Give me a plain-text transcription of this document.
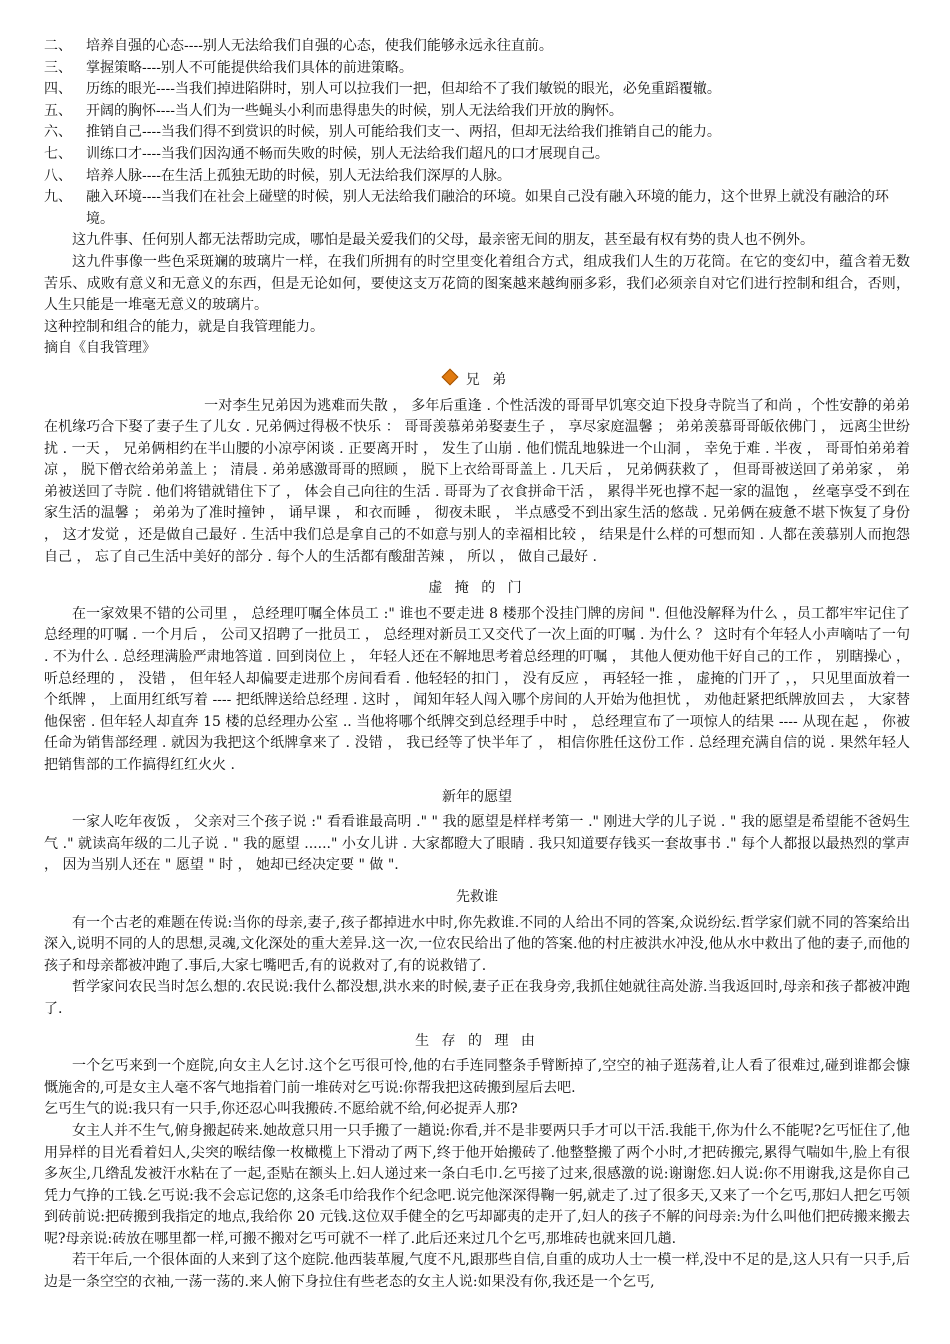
二、	培养自强的心态----别人无法给我们自强的心态，使我们能够永远永往直前。
三、	掌握策略----别人不可能提供给我们具体的前进策略。
四、	历练的眼光----当我们掉进陷阱时，别人可以拉我们一把，但却给不了我们敏锐的眼光，必免重蹈覆辙。
五、	开阔的胸怀----当人们为一些蝇头小利而患得患失的时候，别人无法给我们开放的胸怀。
六、	推销自己----当我们得不到赏识的时候，别人可能给我们支一、两招，但却无法给我们推销自己的能力。
七、	训练口才----当我们因沟通不畅而失败的时候，别人无法给我们超凡的口才展现自己。
八、	培养人脉----在生活上孤独无助的时候，别人无法给我们深厚的人脉。
九、	融入环境----当我们在社会上碰壁的时候，别人无法给我们融洽的环境。如果自己没有融入环境的能力，这个世界上就没有融洽的环境。

这九件事、任何别人都无法帮助完成，哪怕是最关爱我们的父母，最亲密无间的朋友，甚至最有权有势的贵人也不例外。

这九件事像一些色采斑斓的玻璃片一样，在我们所拥有的时空里变化着组合方式，组成我们人生的万花筒。在它的变幻中，蕴含着无数苦乐、成败有意义和无意义的东西，但是无论如何，要使这支万花筒的图案越来越绚丽多彩，我们必须亲自对它们进行控制和组合，否则，人生只能是一堆毫无意义的玻璃片。

这种控制和组合的能力，就是自我管理能力。

摘自《自我管理》

兄 弟

一对李生兄弟因为逃难而失散 ， 多年后重逢 . 个性活泼的哥哥早饥寒交迫下投身寺院当了和尚 ，个性安静的弟弟在机缘巧合下娶了妻子生了儿女 . 兄弟俩过得极不快乐 ： 哥哥羡慕弟弟娶妻生子 ， 享尽家庭温馨 ； 弟弟羡慕哥哥皈依佛门 ， 远离尘世纷扰 . 一天 ， 兄弟俩相约在半山腰的小凉亭闲谈 . 正要离开时 ， 发生了山崩 . 他们慌乱地躲进一个山洞 ， 幸免于难 . 半夜 ， 哥哥怕弟弟着凉 ， 脱下僧衣给弟弟盖上 ； 清晨 . 弟弟感激哥哥的照顾 ， 脱下上衣给哥哥盖上 . 几天后 ， 兄弟俩获救了 ， 但哥哥被送回了弟弟家 ， 弟弟被送回了寺院 . 他们将错就错住下了 ， 体会自己向往的生活 . 哥哥为了衣食拼命干活 ， 累得半死也撑不起一家的温饱 ， 丝毫享受不到在家生活的温馨 ； 弟弟为了准时撞钟 ， 诵早课 ， 和衣而睡 ， 彻夜未眠 ， 半点感受不到出家生活的悠哉 . 兄弟俩在疲惫不堪下恢复了身份 ， 这才发觉 ，还是做自己最好 . 生活中我们总是拿自己的不如意与别人的幸福相比较 ， 结果是什么样的可想而知 . 人都在羡慕别人而抱怨自己 ， 忘了自己生活中美好的部分 . 每个人的生活都有酸甜苦辣 ， 所以 ， 做自己最好 .

虚 掩 的 门

在一家效果不错的公司里 ， 总经理叮嘱全体员工 :" 谁也不要走进 8 楼那个没挂门牌的房间 ". 但他没解释为什么 ，员工都牢牢记住了总经理的叮嘱 . 一个月后 ， 公司又招聘了一批员工 ， 总经理对新员工又交代了一次上面的叮嘱 . 为什么 ？ 这时有个年轻人小声嘀咕了一句 . 不为什么 . 总经理满脸严肃地答道 . 回到岗位上 ， 年轻人还在不解地思考着总经理的叮嘱 ， 其他人便劝他干好自己的工作 ， 别瞎操心 ， 听总经理的 ， 没错 ， 但年轻人却偏要走进那个房间看看 . 他轻轻的扣门 ， 没有反应 ， 再轻轻一推 ， 虚掩的门开了 ，， 只见里面放着一个纸牌 ， 上面用红纸写着 ---- 把纸牌送给总经理 . 这时 ， 闻知年轻人闯入哪个房间的人开始为他担忧 ， 劝他赶紧把纸牌放回去 ， 大家替他保密 . 但年轻人却直奔 15 楼的总经理办公室 .. 当他将哪个纸牌交到总经理手中时 ， 总经理宣布了一项惊人的结果 ---- 从现在起 ， 你被任命为销售部经理 . 就因为我把这个纸牌拿来了 . 没错 ， 我已经等了快半年了 ， 相信你胜任这份工作 . 总经理充满自信的说 . 果然年轻人把销售部的工作搞得红红火火 .

新年的愿望

一家人吃年夜饭 ， 父亲对三个孩子说 :" 看看谁最高明 ." " 我的愿望是样样考第一 ." 刚进大学的儿子说 . " 我的愿望是希望能不爸妈生气 ." 就读高年级的二儿子说 . " 我的愿望 ......" 小女儿讲 . 大家都瞪大了眼睛 . 我只知道要存钱买一套故事书 ." 每个人都报以最热烈的掌声 ， 因为当别人还在 " 愿望 " 时 ， 她却已经决定要 " 做 ".

先救谁

有一个古老的难题在传说:当你的母亲,妻子,孩子都掉进水中时,你先救谁.不同的人给出不同的答案,众说纷纭.哲学家们就不同的答案给出深入,说明不同的人的思想,灵魂,文化深处的重大差异.这一次,一位农民给出了他的答案.他的村庄被洪水冲没,他从水中救出了他的妻子,而他的孩子和母亲都被冲跑了.事后,大家七嘴吧舌,有的说救对了,有的说救错了.

哲学家问农民当时怎么想的.农民说:我什么都没想,洪水来的时候,妻子正在我身旁,我抓住她就往高处游.当我返回时,母亲和孩子都被冲跑了.

生 存 的 理 由

一个乞丐来到一个庭院,向女主人乞讨.这个乞丐很可怜,他的右手连同整条手臂断掉了,空空的袖子逛荡着,让人看了很难过,碰到谁都会慷慨施舍的,可是女主人毫不客气地指着门前一堆砖对乞丐说:你帮我把这砖搬到屋后去吧.

乞丐生气的说:我只有一只手,你还忍心叫我搬砖.不愿给就不给,何必捉弄人那?

女主人并不生气,俯身搬起砖来.她故意只用一只手搬了一趟说:你看,并不是非要两只手才可以干活.我能干,你为什么不能呢?乞丐怔住了,他用异样的目光看着妇人,尖突的喉结像一枚橄榄上下滑动了两下,终于他开始搬砖了.他整整搬了两个小时,才把砖搬完,累得气喘如牛,脸上有很多灰尘,几绺乱发被汗水粘在了一起,歪贴在额头上.妇人递过来一条白毛巾.乞丐接了过来,很感激的说:谢谢您.妇人说:你不用谢我,这是你自己凭力气挣的工钱.乞丐说:我不会忘记您的,这条毛巾给我作个纪念吧.说完他深深得鞠一躬,就走了.过了很多天,又来了一个乞丐,那妇人把乞丐领到砖前说:把砖搬到我指定的地点,我给你 20 元钱.这位双手健全的乞丐却鄙夷的走开了,妇人的孩子不解的问母亲:为什么叫他们把砖搬来搬去呢?母亲说:砖放在哪里都一样,可搬不搬对乞丐可就不一样了.此后还来过几个乞丐,那堆砖也就来回几趟.

若干年后,一个很体面的人来到了这个庭院.他西装革履,气度不凡,跟那些自信,自重的成功人士一模一样,没中不足的是,这人只有一只手,后边是一条空空的衣袖,一荡一荡的.来人俯下身拉住有些老态的女主人说:如果没有你,我还是一个乞丐,
